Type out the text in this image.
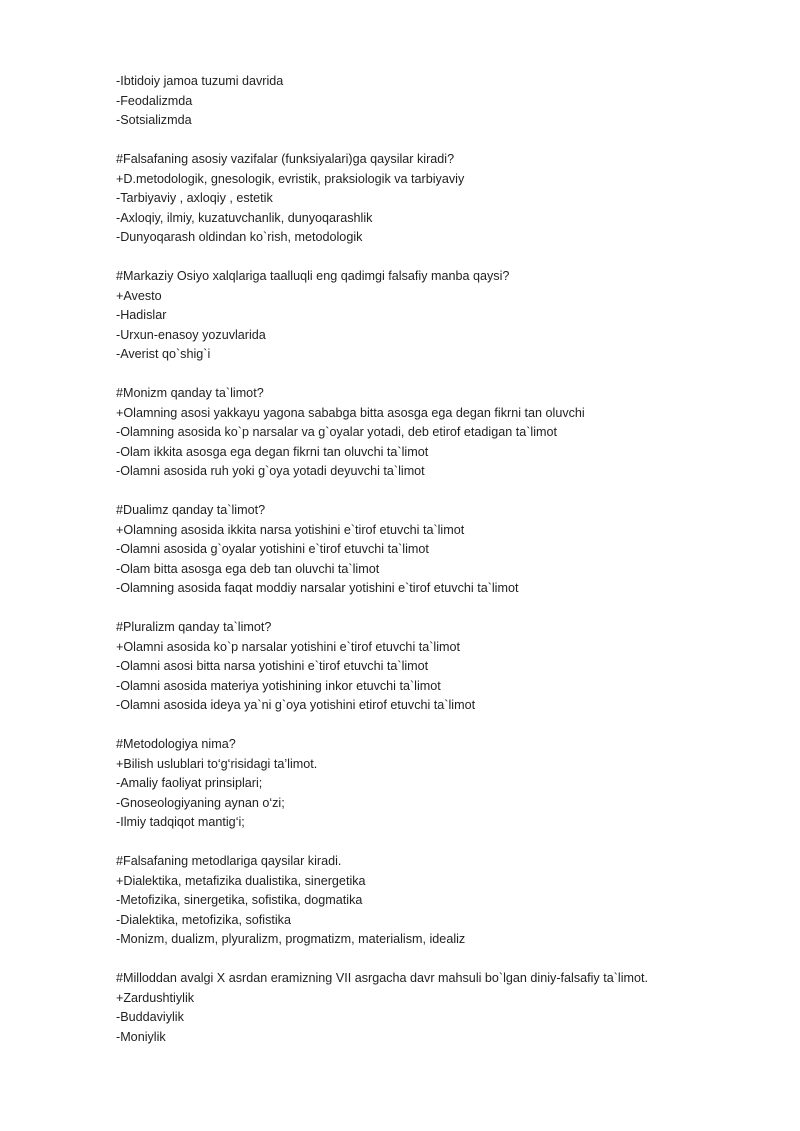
-Ibtidoiy jamoa tuzumi davrida
-Feodalizmda
-Sotsializmda
#Falsafaning asosiy vazifalar (funksiyalari)ga qaysilar kiradi?
+D.metodologik, gnesologik, evristik, praksiologik va tarbiyaviy
-Tarbiyaviy , axloqiy , estetik
-Axloqiy, ilmiy, kuzatuvchanlik, dunyoqarashlik
-Dunyoqarash oldindan ko`rish, metodologik
#Markaziy Osiyo xalqlariga taalluqli eng qadimgi falsafiy manba qaysi?
+Avesto
-Hadislar
-Urxun-enasoy yozuvlarida
-Averist qo`shig`i
#Monizm qanday ta`limot?
+Olamning asosi yakkayu yagona sababga bitta asosga ega degan fikrni tan oluvchi
-Olamning asosida ko`p narsalar va g`oyalar yotadi, deb etirof etadigan ta`limot
-Olam ikkita asosga ega degan fikrni tan oluvchi ta`limot
-Olamni asosida ruh yoki g`oya yotadi deyuvchi ta`limot
#Dualimz qanday ta`limot?
+Olamning asosida ikkita narsa yotishini e`tirof etuvchi ta`limot
-Olamni asosida g`oyalar yotishini e`tirof etuvchi ta`limot
-Olam bitta asosga ega deb tan oluvchi ta`limot
-Olamning asosida faqat moddiy narsalar yotishini e`tirof etuvchi ta`limot
#Pluralizm qanday ta`limot?
+Olamni asosida ko`p narsalar yotishini e`tirof etuvchi ta`limot
-Olamni asosi bitta narsa yotishini e`tirof etuvchi ta`limot
-Olamni asosida materiya yotishining inkor etuvchi ta`limot
-Olamni asosida ideya ya`ni g`oya yotishini etirof etuvchi ta`limot
#Metodologiya nima?
+Bilish uslublari to‘g‘risidagi ta’limot.
-Amaliy faoliyat prinsiplari;
-Gnoseologiyaning aynan o‘zi;
-Ilmiy tadqiqot mantig‘i;
#Falsafaning metodlariga qaysilar kiradi.
+Dialektika, metafizika dualistika, sinergetika
-Metofizika, sinergetika, sofistika, dogmatika
-Dialektika, metofizika, sofistika
-Monizm, dualizm, plyuralizm, progmatizm, materialism, idealiz
#Milloddan avalgi X asrdan eramizning VII asrgacha davr mahsuli bo`lgan diniy-falsafiy ta`limot.
+Zardushtiylik
-Buddaviylik
-Moniylik
